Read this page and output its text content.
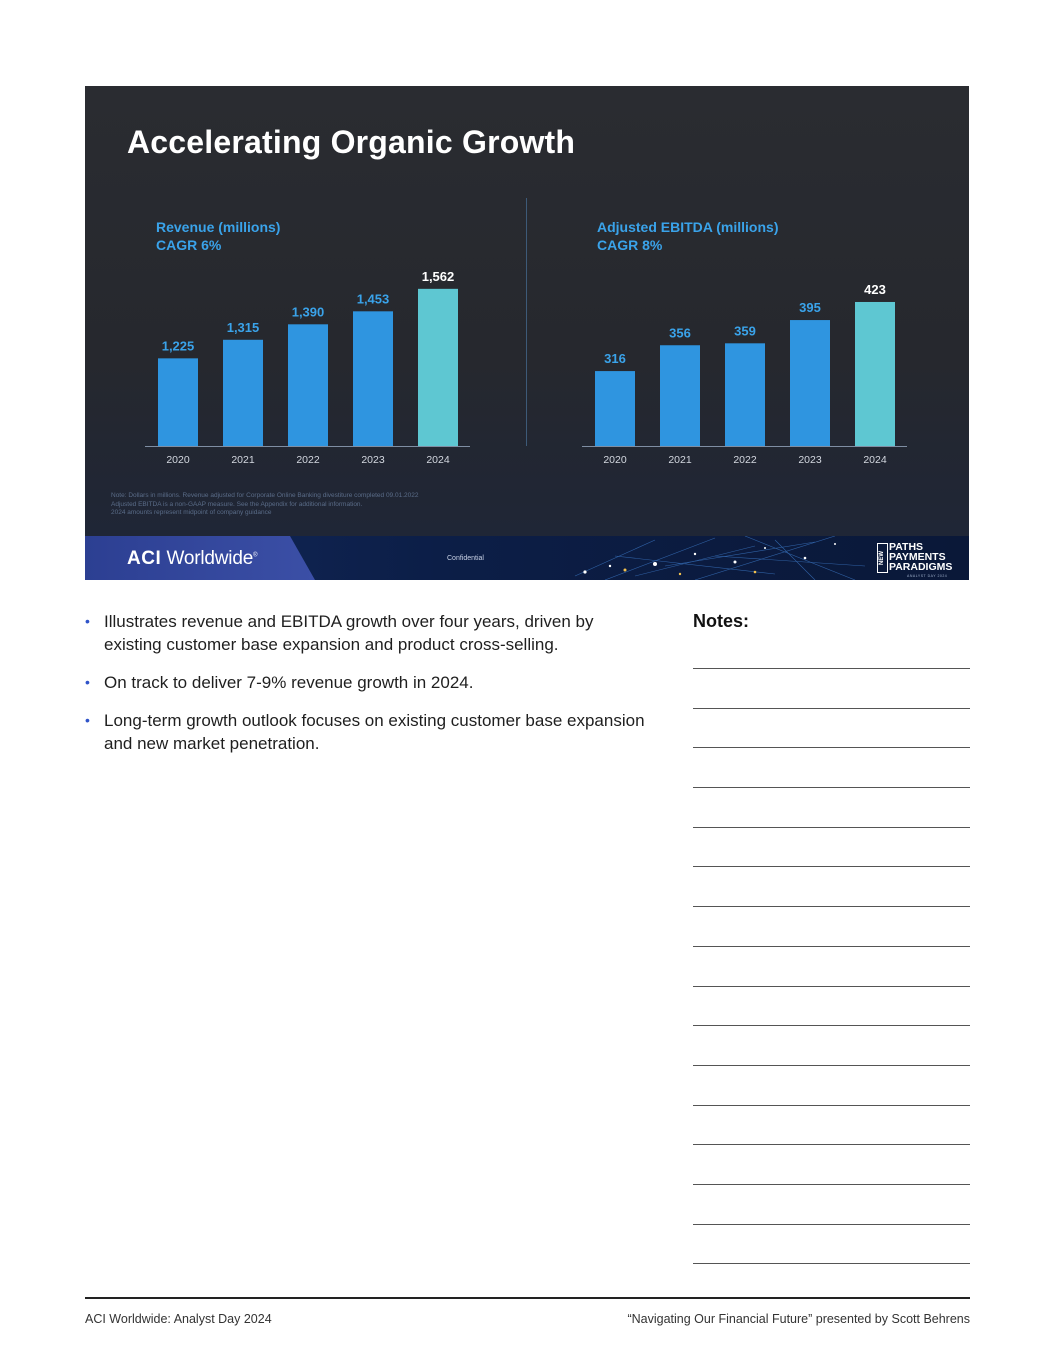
Accelerating Organic Growth
Revenue (millions)
CAGR 6%
Adjusted EBITDA (millions)
CAGR 8%
1,225
2020
1,315
2021
1,390
2022
1,453
2023
1,562
2024
316
2020
356
2021
359
2022
395
2023
423
2024
Note: Dollars in millions. Revenue adjusted for Corporate Online Banking divestiture completed 09.01.2022
Adjusted EBITDA is a non-GAAP measure. See the Appendix for additional information.
2024 amounts represent midpoint of company guidance
ACI Worldwide®	Confidential	NEW
PATHS
PAYMENTS
PARADIGMS
ANALYST DAY 2024
• Illustrates revenue and EBITDA growth over four years, driven by existing customer base expansion and product cross-selling.
• On track to deliver 7-9% revenue growth in 2024.
• Long-term growth outlook focuses on existing customer base expansion and new market penetration.
Notes:
ACI Worldwide: Analyst Day 2024	“Navigating Our Financial Future” presented by Scott Behrens
